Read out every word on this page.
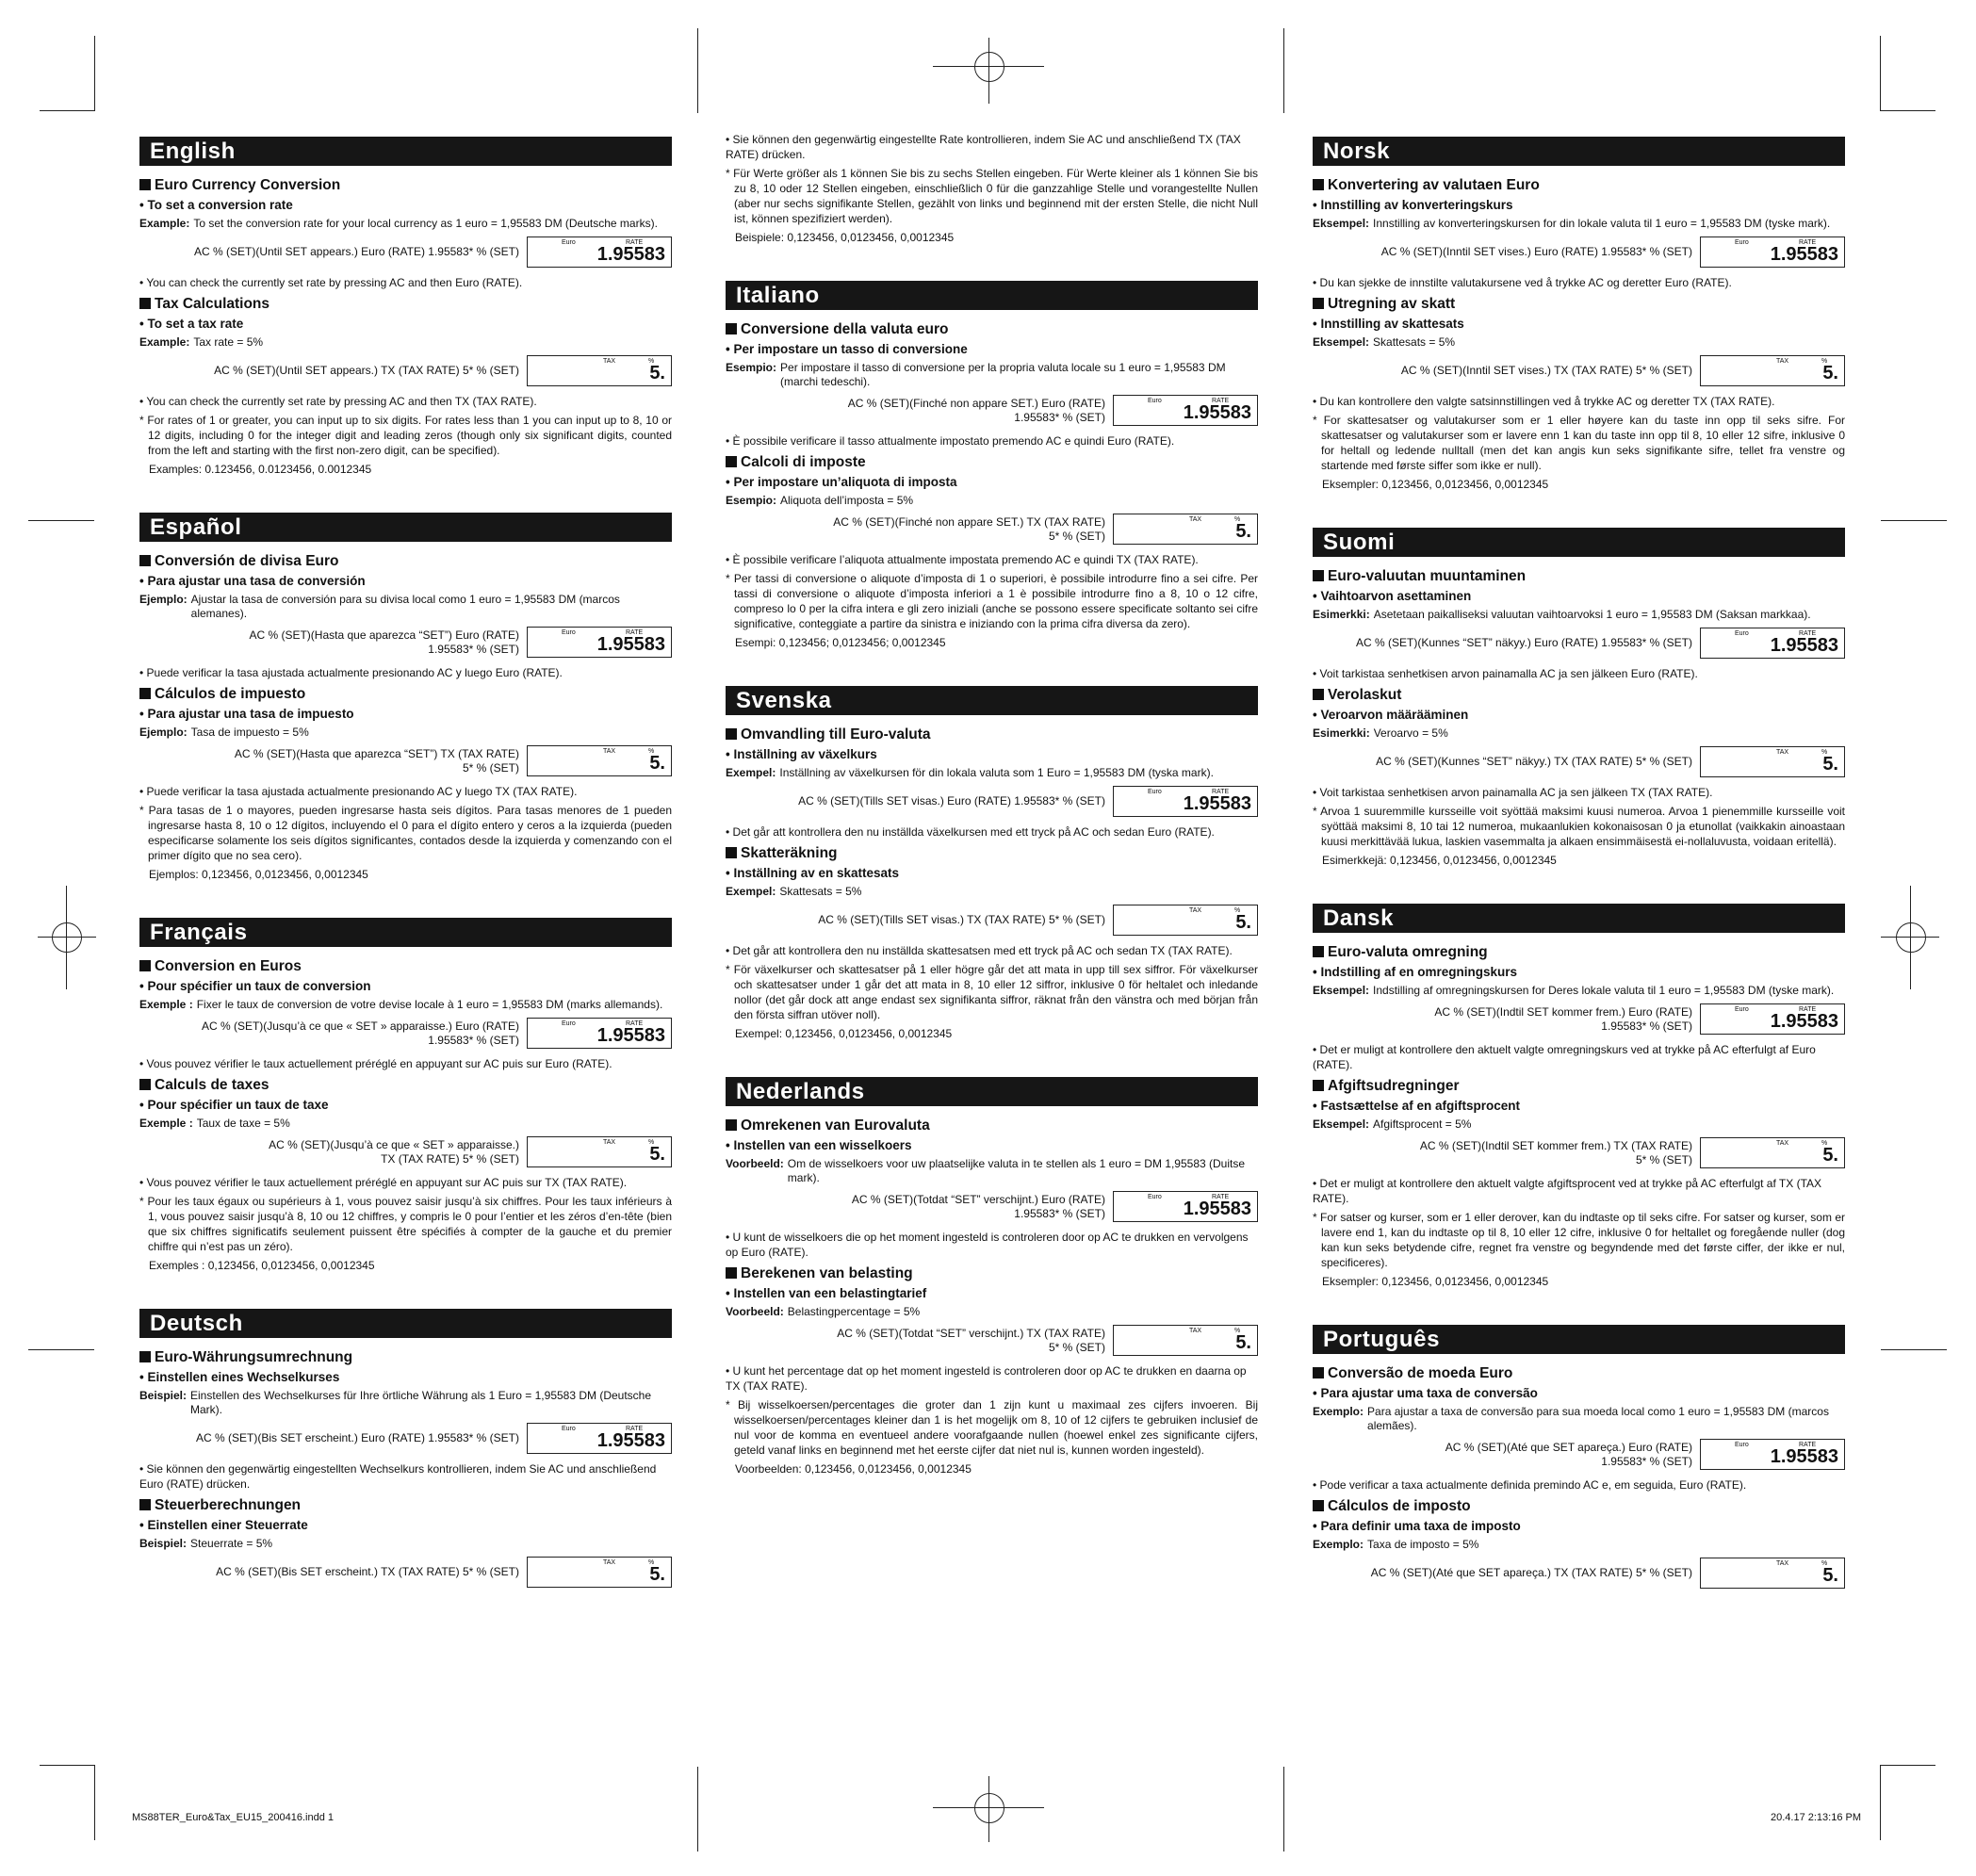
English
Euro Currency Conversion
• To set a conversion rate
Example: To set the conversion rate for your local currency as 1 euro = 1,95583 DM (Deutsche marks).
AC % (SET)(Until SET appears.) Euro (RATE) 1.95583* % (SET)
Euro	RATE
1.95583
• You can check the currently set rate by pressing AC and then Euro (RATE).
Tax Calculations
• To set a tax rate
Example: Tax rate = 5%
AC % (SET)(Until SET appears.) TX (TAX RATE) 5* % (SET)
TAX	%
5.
• You can check the currently set rate by pressing AC and then TX (TAX RATE).
* For rates of 1 or greater, you can input up to six digits. For rates less than 1 you can input up to 8, 10 or 12 digits, including 0 for the integer digit and leading zeros (though only six significant digits, counted from the left and starting with the first non-zero digit, can be specified).
Examples: 0.123456, 0.0123456, 0.0012345
Español
Conversión de divisa Euro
• Para ajustar una tasa de conversión
Ejemplo: Ajustar la tasa de conversión para su divisa local como 1 euro = 1,95583 DM (marcos alemanes).
AC % (SET)(Hasta que aparezca “SET”) Euro (RATE)
1.95583* % (SET)
Euro	RATE
1.95583
• Puede verificar la tasa ajustada actualmente presionando AC y luego Euro (RATE).
Cálculos de impuesto
• Para ajustar una tasa de impuesto
Ejemplo: Tasa de impuesto = 5%
AC % (SET)(Hasta que aparezca “SET”) TX (TAX RATE)
5* % (SET)
TAX	%
5.
• Puede verificar la tasa ajustada actualmente presionando AC y luego TX (TAX RATE).
* Para tasas de 1 o mayores, pueden ingresarse hasta seis dígitos. Para tasas menores de 1 pueden ingresarse hasta 8, 10 o 12 dígitos, incluyendo el 0 para el dígito entero y ceros a la izquierda (pueden especificarse solamente los seis dígitos significantes, contados desde la izquierda y comenzando con el primer dígito que no sea cero).
Ejemplos: 0,123456, 0,0123456, 0,0012345
Français
Conversion en Euros
• Pour spécifier un taux de conversion
Exemple : Fixer le taux de conversion de votre devise locale à 1 euro = 1,95583 DM (marks allemands).
AC % (SET)(Jusqu’à ce que « SET » apparaisse.) Euro (RATE)
1.95583* % (SET)
Euro	RATE
1.95583
• Vous pouvez vérifier le taux actuellement préréglé en appuyant sur AC puis sur Euro (RATE).
Calculs de taxes
• Pour spécifier un taux de taxe
Exemple : Taux de taxe = 5%
AC % (SET)(Jusqu’à ce que « SET » apparaisse.)
TX (TAX RATE) 5* % (SET)
TAX	%
5.
• Vous pouvez vérifier le taux actuellement préréglé en appuyant sur AC puis sur TX (TAX RATE).
* Pour les taux égaux ou supérieurs à 1, vous pouvez saisir jusqu’à six chiffres. Pour les taux inférieurs à 1, vous pouvez saisir jusqu’à 8, 10 ou 12 chiffres, y compris le 0 pour l’entier et les zéros d’en-tête (bien que six chiffres significatifs seulement puissent être spécifiés à compter de la gauche et du premier chiffre qui n’est pas un zéro).
Exemples : 0,123456, 0,0123456, 0,0012345
Deutsch
Euro-Währungsumrechnung
• Einstellen eines Wechselkurses
Beispiel: Einstellen des Wechselkurses für Ihre örtliche Währung als 1 Euro = 1,95583 DM (Deutsche Mark).
AC % (SET)(Bis SET erscheint.) Euro (RATE) 1.95583* % (SET)
Euro	RATE
1.95583
• Sie können den gegenwärtig eingestellten Wechselkurs kontrollieren, indem Sie AC und anschließend Euro (RATE) drücken.
Steuerberechnungen
• Einstellen einer Steuerrate
Beispiel: Steuerrate = 5%
AC % (SET)(Bis SET erscheint.) TX (TAX RATE) 5* % (SET)
TAX	%
5.
• Sie können den gegenwärtig eingestellte Rate kontrollieren, indem Sie AC und anschließend TX (TAX RATE) drücken.
* Für Werte größer als 1 können Sie bis zu sechs Stellen eingeben. Für Werte kleiner als 1 können Sie bis zu 8, 10 oder 12 Stellen eingeben, einschließlich 0 für die ganzzahlige Stelle und vorangestellte Nullen (aber nur sechs signifikante Stellen, gezählt von links und beginnend mit der ersten Stelle, die nicht Null ist, können spezifiziert werden).
Beispiele: 0,123456, 0,0123456, 0,0012345
Italiano
Conversione della valuta euro
• Per impostare un tasso di conversione
Esempio: Per impostare il tasso di conversione per la propria valuta locale su 1 euro = 1,95583 DM (marchi tedeschi).
AC % (SET)(Finché non appare SET.) Euro (RATE)
1.95583* % (SET)
Euro	RATE
1.95583
• È possibile verificare il tasso attualmente impostato premendo AC e quindi Euro (RATE).
Calcoli di imposte
• Per impostare un’aliquota di imposta
Esempio: Aliquota dell’imposta = 5%
AC % (SET)(Finché non appare SET.) TX (TAX RATE)
5* % (SET)
TAX	%
5.
• È possibile verificare l’aliquota attualmente impostata premendo AC e quindi TX (TAX RATE).
* Per tassi di conversione o aliquote d’imposta di 1 o superiori, è possibile introdurre fino a sei cifre. Per tassi di conversione o aliquote d’imposta inferiori a 1 è possibile introdurre fino a 8, 10 o 12 cifre, compreso lo 0 per la cifra intera e gli zero iniziali (anche se possono essere specificate soltanto sei cifre significative, conteggiate a partire da sinistra e iniziando con la prima cifra diversa da zero).
Esempi: 0,123456; 0,0123456; 0,0012345
Svenska
Omvandling till Euro-valuta
• Inställning av växelkurs
Exempel: Inställning av växelkursen för din lokala valuta som 1 Euro = 1,95583 DM (tyska mark).
AC % (SET)(Tills SET visas.) Euro (RATE) 1.95583* % (SET)
Euro	RATE
1.95583
• Det går att kontrollera den nu inställda växelkursen med ett tryck på AC och sedan Euro (RATE).
Skatteräkning
• Inställning av en skattesats
Exempel: Skattesats = 5%
AC % (SET)(Tills SET visas.) TX (TAX RATE) 5* % (SET)
TAX	%
5.
• Det går att kontrollera den nu inställda skattesatsen med ett tryck på AC och sedan TX (TAX RATE).
* För växelkurser och skattesatser på 1 eller högre går det att mata in upp till sex siffror. För växelkurser och skattesatser under 1 går det att mata in 8, 10 eller 12 siffror, inklusive 0 för heltalet och inledande nollor (det går dock att ange endast sex signifikanta siffror, räknat från den vänstra och med början från den första siffran utöver noll).
Exempel: 0,123456, 0,0123456, 0,0012345
Nederlands
Omrekenen van Eurovaluta
• Instellen van een wisselkoers
Voorbeeld: Om de wisselkoers voor uw plaatselijke valuta in te stellen als 1 euro = DM 1,95583 (Duitse mark).
AC % (SET)(Totdat “SET” verschijnt.) Euro (RATE)
1.95583* % (SET)
Euro	RATE
1.95583
• U kunt de wisselkoers die op het moment ingesteld is controleren door op AC te drukken en vervolgens op Euro (RATE).
Berekenen van belasting
• Instellen van een belastingtarief
Voorbeeld: Belastingpercentage = 5%
AC % (SET)(Totdat “SET” verschijnt.) TX (TAX RATE)
5* % (SET)
TAX	%
5.
• U kunt het percentage dat op het moment ingesteld is controleren door op AC te drukken en daarna op TX (TAX RATE).
* Bij wisselkoersen/percentages die groter dan 1 zijn kunt u maximaal zes cijfers invoeren. Bij wisselkoersen/percentages kleiner dan 1 is het mogelijk om 8, 10 of 12 cijfers te gebruiken inclusief de nul voor de komma en eventueel andere voorafgaande nullen (hoewel enkel zes significante cijfers, geteld vanaf links en beginnend met het eerste cijfer dat niet nul is, kunnen worden ingesteld).
Voorbeelden: 0,123456, 0,0123456, 0,0012345
Norsk
Konvertering av valutaen Euro
• Innstilling av konverteringskurs
Eksempel: Innstilling av konverteringskursen for din lokale valuta til 1 euro = 1,95583 DM (tyske mark).
AC % (SET)(Inntil SET vises.) Euro (RATE) 1.95583* % (SET)
Euro	RATE
1.95583
• Du kan sjekke de innstilte valutakursene ved å trykke AC og deretter Euro (RATE).
Utregning av skatt
• Innstilling av skattesats
Eksempel: Skattesats = 5%
AC % (SET)(Inntil SET vises.) TX (TAX RATE) 5* % (SET)
TAX	%
5.
• Du kan kontrollere den valgte satsinnstillingen ved å trykke AC og deretter TX (TAX RATE).
* For skattesatser og valutakurser som er 1 eller høyere kan du taste inn opp til seks sifre. For skattesatser og valutakurser som er lavere enn 1 kan du taste inn opp til 8, 10 eller 12 sifre, inklusive 0 for heltall og ledende nulltall (men det kan angis kun seks signifikante sifre, tellet fra venstre og startende med første siffer som ikke er null).
Eksempler: 0,123456, 0,0123456, 0,0012345
Suomi
Euro-valuutan muuntaminen
• Vaihtoarvon asettaminen
Esimerkki: Asetetaan paikalliseksi valuutan vaihtoarvoksi 1 euro = 1,95583 DM (Saksan markkaa).
AC % (SET)(Kunnes “SET” näkyy.) Euro (RATE) 1.95583* % (SET)
Euro	RATE
1.95583
• Voit tarkistaa senhetkisen arvon painamalla AC ja sen jälkeen Euro (RATE).
Verolaskut
• Veroarvon määrääminen
Esimerkki: Veroarvo = 5%
AC % (SET)(Kunnes “SET” näkyy.) TX (TAX RATE) 5* % (SET)
TAX	%
5.
• Voit tarkistaa senhetkisen arvon painamalla AC ja sen jälkeen TX (TAX RATE).
* Arvoa 1 suuremmille kursseille voit syöttää maksimi kuusi numeroa. Arvoa 1 pienemmille kursseille voit syöttää maksimi 8, 10 tai 12 numeroa, mukaanlukien kokonaisosan 0 ja etunollat (vaikkakin ainoastaan kuusi merkittävää lukua, laskien vasemmalta ja alkaen ensimmäisestä ei-nollaluvusta, voidaan eritellä).
Esimerkkejä: 0,123456, 0,0123456, 0,0012345
Dansk
Euro-valuta omregning
• Indstilling af en omregningskurs
Eksempel: Indstilling af omregningskursen for Deres lokale valuta til 1 euro = 1,95583 DM (tyske mark).
AC % (SET)(Indtil SET kommer frem.) Euro (RATE)
1.95583* % (SET)
Euro	RATE
1.95583
• Det er muligt at kontrollere den aktuelt valgte omregningskurs ved at trykke på AC efterfulgt af Euro (RATE).
Afgiftsudregninger
• Fastsættelse af en afgiftsprocent
Eksempel: Afgiftsprocent = 5%
AC % (SET)(Indtil SET kommer frem.) TX (TAX RATE)
5* % (SET)
TAX	%
5.
• Det er muligt at kontrollere den aktuelt valgte afgiftsprocent ved at trykke på AC efterfulgt af TX (TAX RATE).
* For satser og kurser, som er 1 eller derover, kan du indtaste op til seks cifre. For satser og kurser, som er lavere end 1, kan du indtaste op til 8, 10 eller 12 cifre, inklusive 0 for heltallet og foregående nuller (dog kan kun seks betydende cifre, regnet fra venstre og begyndende med det første ciffer, der ikke er nul, specificeres).
Eksempler: 0,123456, 0,0123456, 0,0012345
Português
Conversão de moeda Euro
• Para ajustar uma taxa de conversão
Exemplo: Para ajustar a taxa de conversão para sua moeda local como 1 euro = 1,95583 DM (marcos alemães).
AC % (SET)(Até que SET apareça.) Euro (RATE)
1.95583* % (SET)
Euro	RATE
1.95583
• Pode verificar a taxa actualmente definida premindo AC e, em seguida, Euro (RATE).
Cálculos de imposto
• Para definir uma taxa de imposto
Exemplo: Taxa de imposto = 5%
AC % (SET)(Até que SET apareça.) TX (TAX RATE) 5* % (SET)
TAX	%
5.
MS88TER_Euro&Tax_EU15_200416.indd 1	20.4.17 2:13:16 PM
